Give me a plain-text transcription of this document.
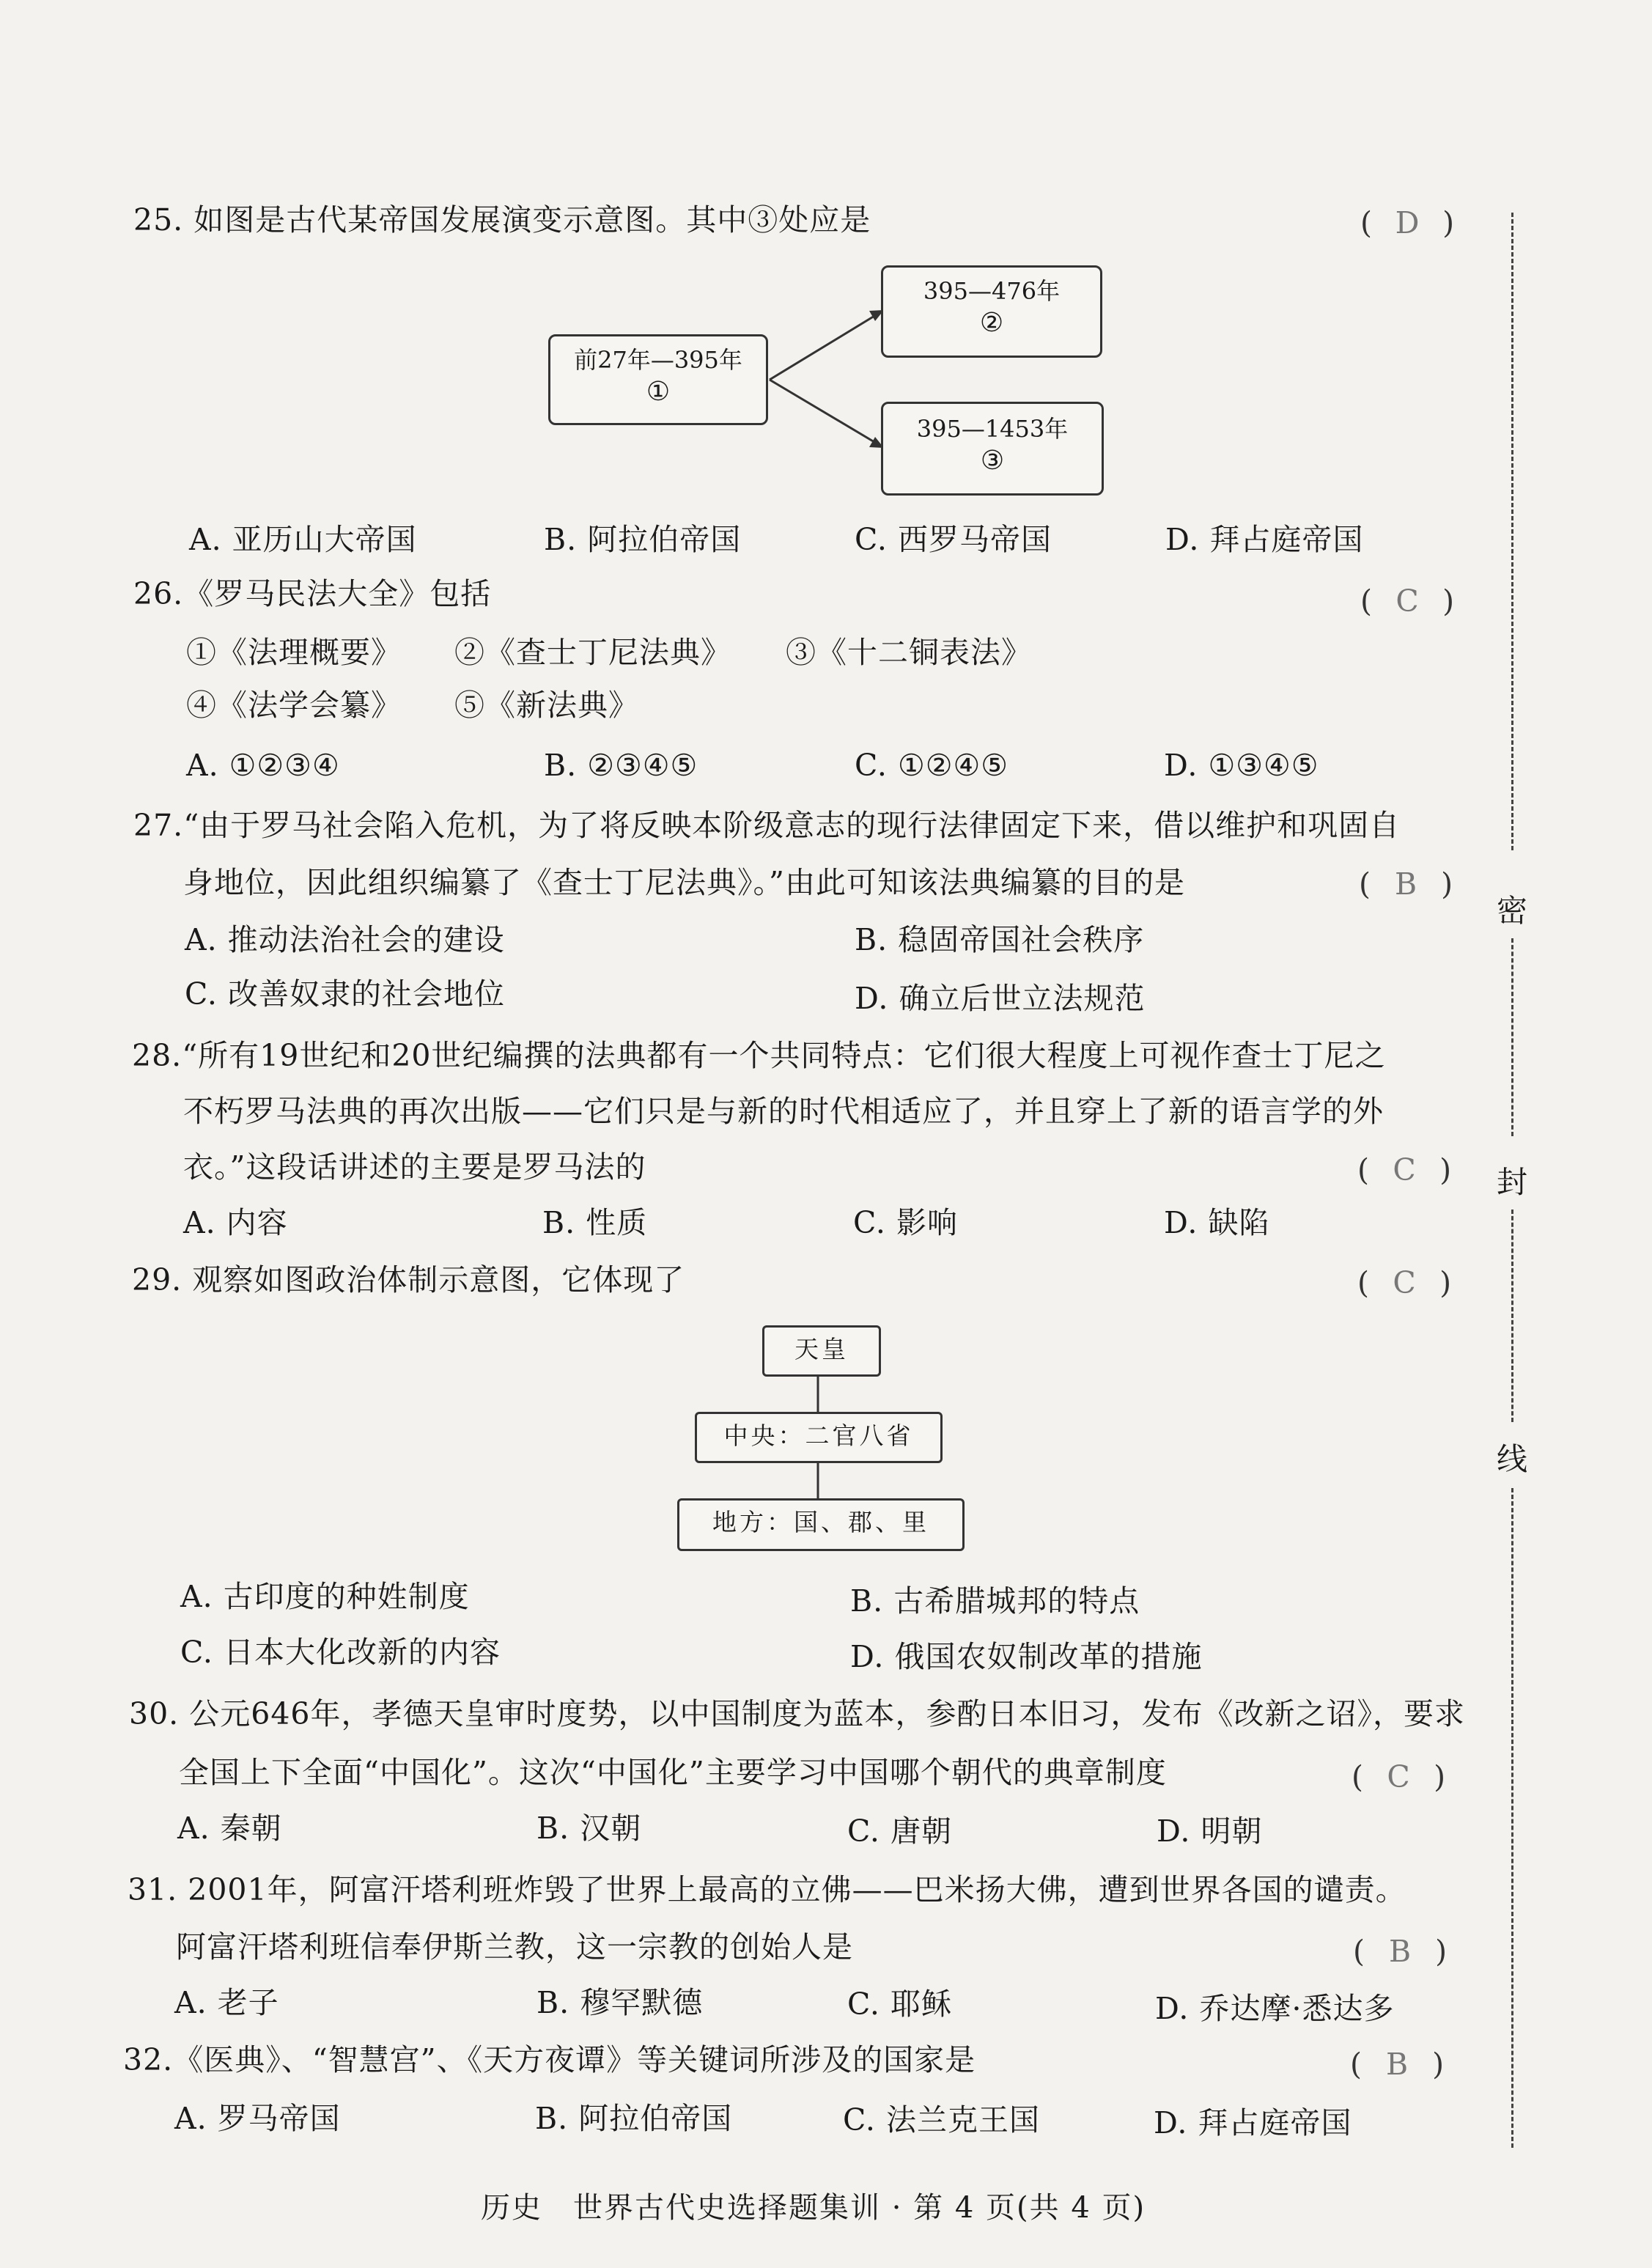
密
封
线
25. 如图是古代某帝国发展演变示意图。其中③处应是	( D )
前27年—395年
①
395—476年
②
395—1453年
③
A. 亚历山大帝国	B. 阿拉伯帝国	C. 西罗马帝国	D. 拜占庭帝国
26.《罗马民法大全》包括	( C )
①《法理概要》 ②《查士丁尼法典》 ③《十二铜表法》
④《法学会纂》 ⑤《新法典》
A. ①②③④	B. ②③④⑤	C. ①②④⑤	D. ①③④⑤
27.“由于罗马社会陷入危机，为了将反映本阶级意志的现行法律固定下来，借以维护和巩固自
身地位，因此组织编纂了《查士丁尼法典》。”由此可知该法典编纂的目的是	( B )
A. 推动法治社会的建设	B. 稳固帝国社会秩序
C. 改善奴隶的社会地位	D. 确立后世立法规范
28.“所有19世纪和20世纪编撰的法典都有一个共同特点：它们很大程度上可视作查士丁尼之
不朽罗马法典的再次出版——它们只是与新的时代相适应了，并且穿上了新的语言学的外
衣。”这段话讲述的主要是罗马法的	( C )
A. 内容	B. 性质	C. 影响	D. 缺陷
29. 观察如图政治体制示意图，它体现了	( C )
天皇
中央：二官八省
地方：国、郡、里
A. 古印度的种姓制度	B. 古希腊城邦的特点
C. 日本大化改新的内容	D. 俄国农奴制改革的措施
30. 公元646年，孝德天皇审时度势，以中国制度为蓝本，参酌日本旧习，发布《改新之诏》，要求
全国上下全面“中国化”。这次“中国化”主要学习中国哪个朝代的典章制度	( C )
A. 秦朝	B. 汉朝	C. 唐朝	D. 明朝
31. 2001年，阿富汗塔利班炸毁了世界上最高的立佛——巴米扬大佛，遭到世界各国的谴责。
阿富汗塔利班信奉伊斯兰教，这一宗教的创始人是	( B )
A. 老子	B. 穆罕默德	C. 耶稣	D. 乔达摩·悉达多
32.《医典》、“智慧宫”、《天方夜谭》等关键词所涉及的国家是	( B )
A. 罗马帝国	B. 阿拉伯帝国	C. 法兰克王国	D. 拜占庭帝国
历史　世界古代史选择题集训 · 第 4 页(共 4 页)
